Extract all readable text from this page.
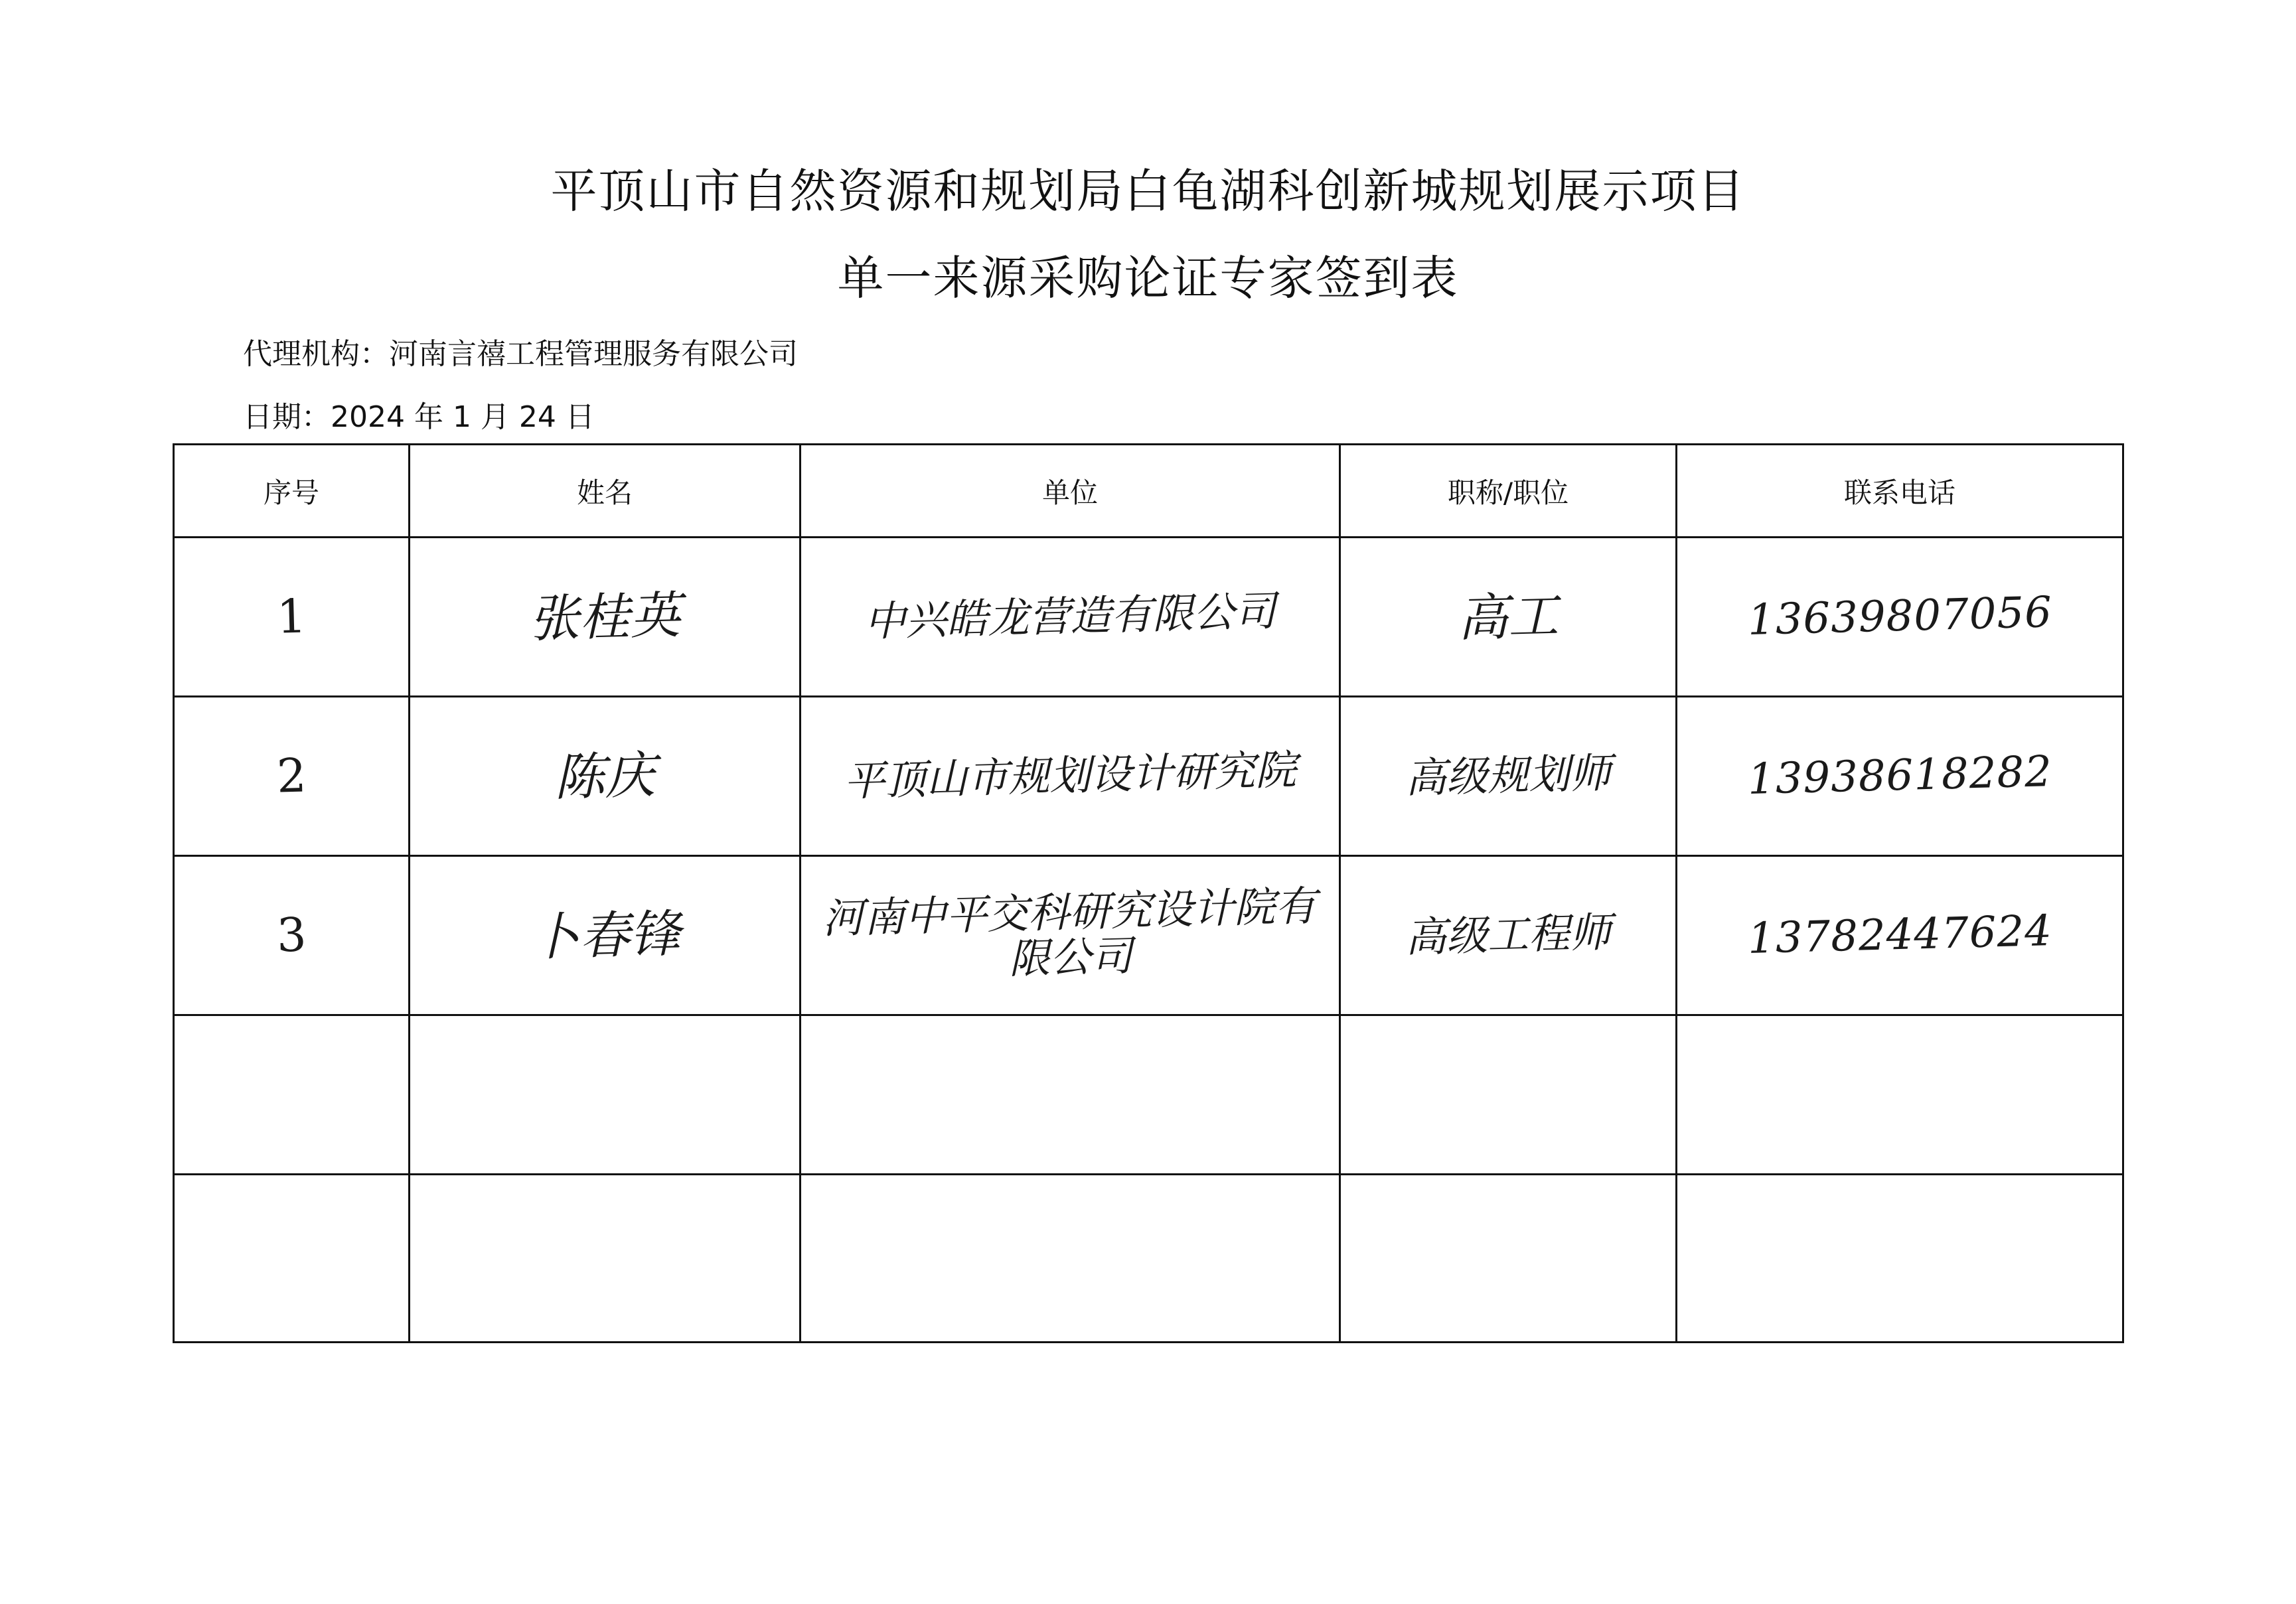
平顶山市自然资源和规划局白龟湖科创新城规划展示项目
单一来源采购论证专家签到表
代理机构：河南言禧工程管理服务有限公司
日期：2024 年 1 月 24 日
序号	姓名	单位	职称/职位	联系电话
1	张桂英	中兴皓龙营造有限公司	高工	13639807056
2	陈庆	平顶山市规划设计研究院	高级规划师	13938618282
3	卜春锋	河南中平交科研究设计院有限公司	高级工程师	13782447624
